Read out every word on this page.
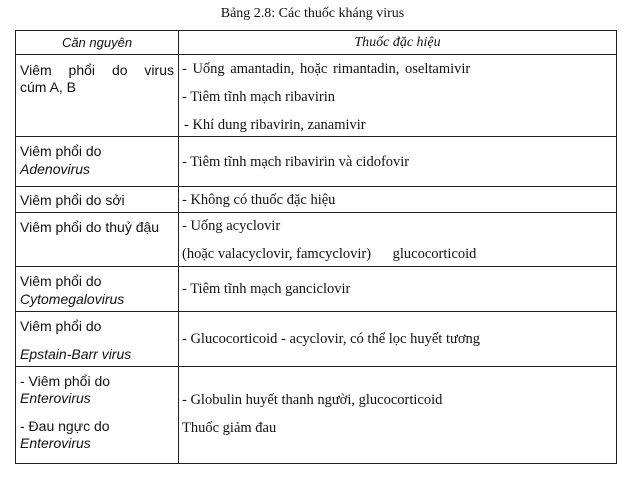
Bảng 2.8: Các thuốc kháng virus
Căn nguyên	Thuốc đặc hiệu

Viêm phổi do virus
cúm A, B	- Uống amantadin, hoặc rimantadin, oseltamivir
- Tiêm tĩnh mạch ribavirin
- Khí dung ribavirin, zanamivir

Viêm phổi do
Adenovirus	- Tiêm tĩnh mạch ribavirin và cidofovir

Viêm phổi do sởi	- Không có thuốc đặc hiệu

Viêm phổi do thuỷ đậu	- Uống acyclovir
(hoặc valacyclovir, famcyclovir) glucocorticoid

Viêm phổi do
Cytomegalovirus	- Tiêm tĩnh mạch ganciclovir

Viêm phổi do
Epstain-Barr virus	- Glucocorticoid - acyclovir, có thể lọc huyết tương

- Viêm phổi do
Enterovirus
- Đau ngực do
Enterovirus	- Globulin huyết thanh người, glucocorticoid
Thuốc giảm đau
